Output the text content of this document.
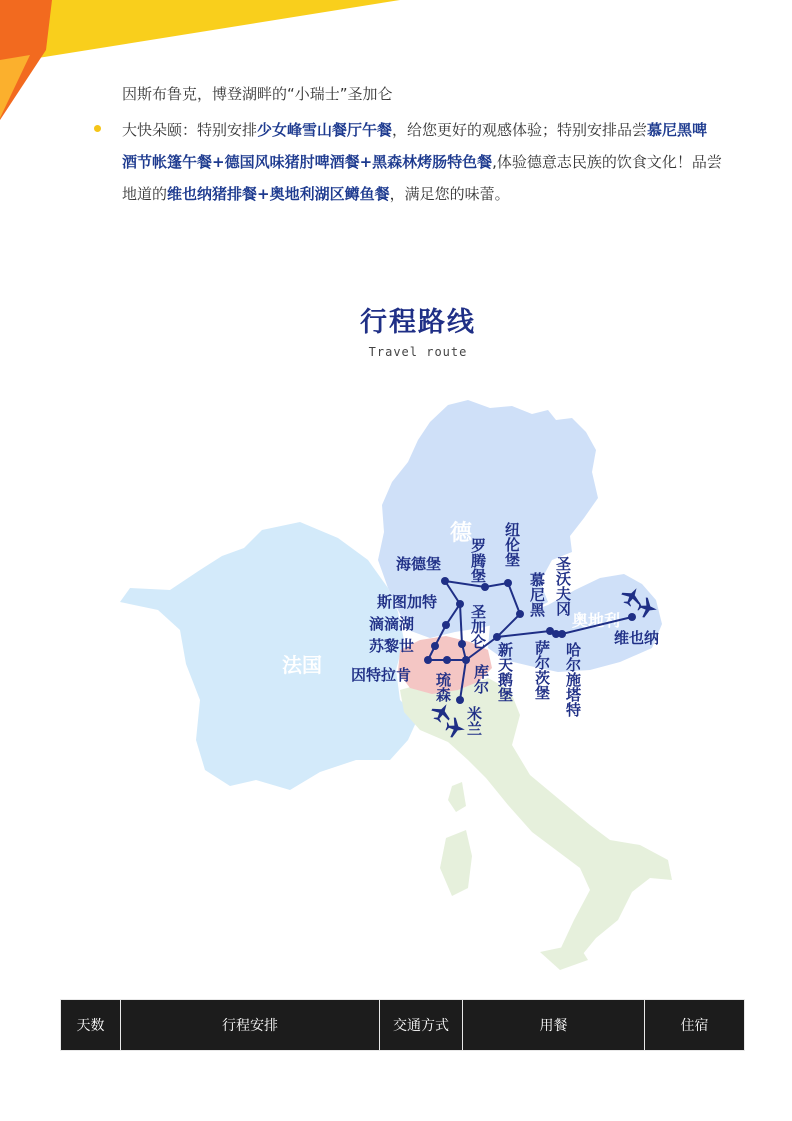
因斯布鲁克，博登湖畔的“小瑞士”圣加仑
大快朵颐：特别安排少女峰雪山餐厅午餐，给您更好的观感体验；特别安排品尝慕尼黑啤酒节帐篷午餐+德国风味猪肘啤酒餐+黑森林烤肠特色餐,体验德意志民族的饮食文化！品尝地道的维也纳猪排餐+奥地利湖区鳟鱼餐，满足您的味蕾。
行程路线
Travel route
德
法国
奥地利
海德堡
斯图加特
滴滴湖
苏黎世
因特拉肯
罗腾堡 纽伦堡
慕尼黑
圣加仑
琉森 库尔
米兰
新天鹅堡
圣沃夫冈
萨尔茨堡 哈尔施塔特
维也纳
天数	行程安排	交通方式	用餐	住宿
